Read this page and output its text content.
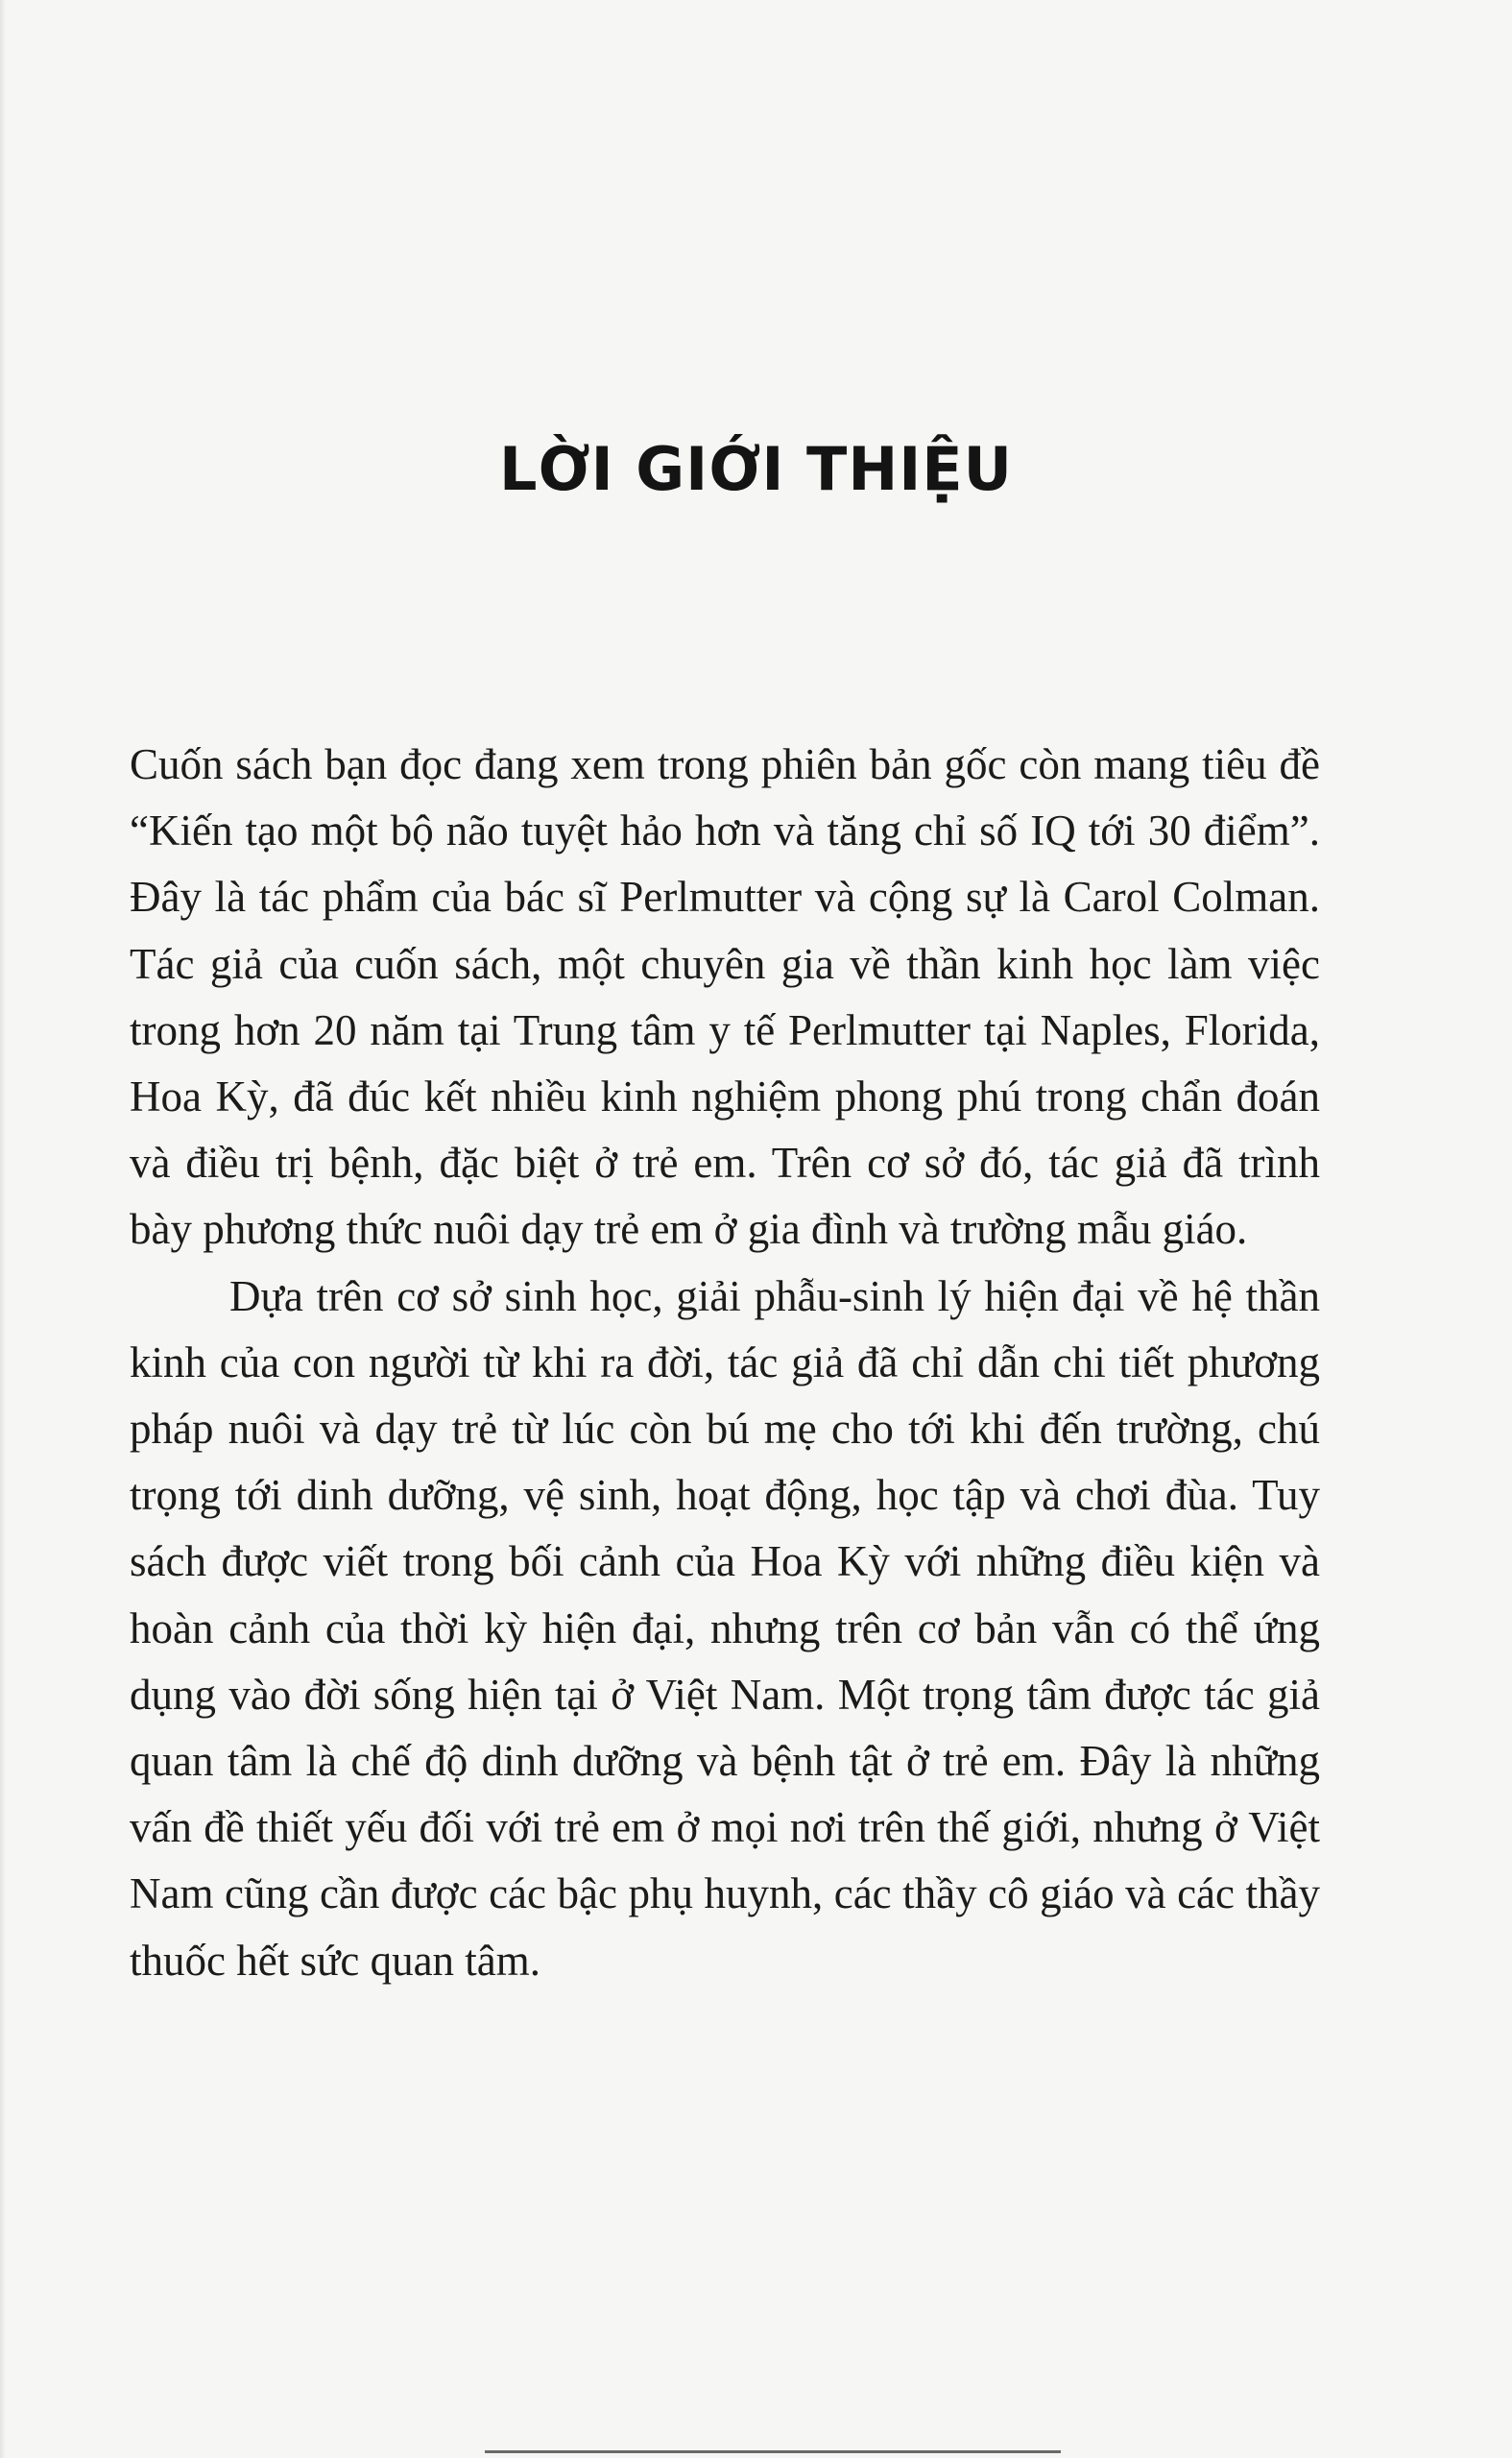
LỜI GIỚI THIỆU

Cuốn sách bạn đọc đang xem trong phiên bản gốc còn mang tiêu đề “Kiến tạo một bộ não tuyệt hảo hơn và tăng chỉ số IQ tới 30 điểm”. Đây là tác phẩm của bác sĩ Perlmutter và cộng sự là Carol Colman. Tác giả của cuốn sách, một chuyên gia về thần kinh học làm việc trong hơn 20 năm tại Trung tâm y tế Perlmutter tại Naples, Florida, Hoa Kỳ, đã đúc kết nhiều kinh nghiệm phong phú trong chẩn đoán và điều trị bệnh, đặc biệt ở trẻ em. Trên cơ sở đó, tác giả đã trình bày phương thức nuôi dạy trẻ em ở gia đình và trường mẫu giáo.

Dựa trên cơ sở sinh học, giải phẫu-sinh lý hiện đại về hệ thần kinh của con người từ khi ra đời, tác giả đã chỉ dẫn chi tiết phương pháp nuôi và dạy trẻ từ lúc còn bú mẹ cho tới khi đến trường, chú trọng tới dinh dưỡng, vệ sinh, hoạt động, học tập và chơi đùa. Tuy sách được viết trong bối cảnh của Hoa Kỳ với những điều kiện và hoàn cảnh của thời kỳ hiện đại, nhưng trên cơ bản vẫn có thể ứng dụng vào đời sống hiện tại ở Việt Nam. Một trọng tâm được tác giả quan tâm là chế độ dinh dưỡng và bệnh tật ở trẻ em. Đây là những vấn đề thiết yếu đối với trẻ em ở mọi nơi trên thế giới, nhưng ở Việt Nam cũng cần được các bậc phụ huynh, các thầy cô giáo và các thầy thuốc hết sức quan tâm.
